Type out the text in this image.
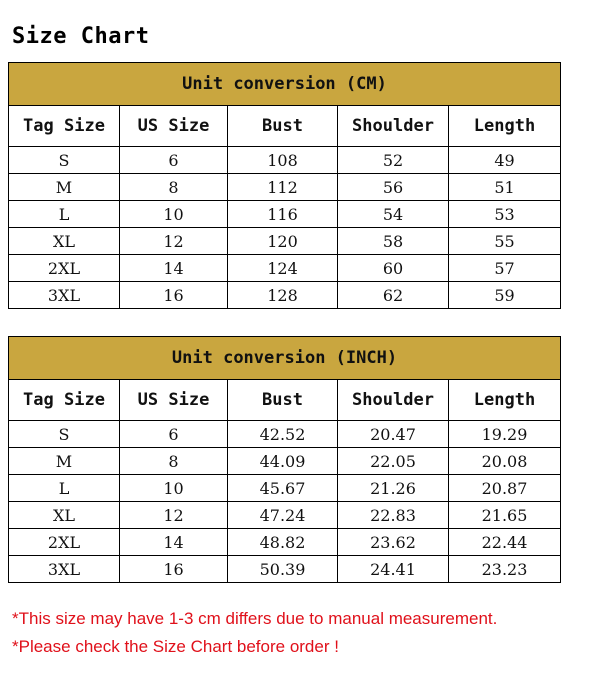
Size Chart
Unit conversion (CM)				
Tag Size	US Size	Bust	Shoulder	Length
S	6	108	52	49
M	8	112	56	51
L	10	116	54	53
XL	12	120	58	55
2XL	14	124	60	57
3XL	16	128	62	59
Unit conversion (INCH)				
Tag Size	US Size	Bust	Shoulder	Length
S	6	42.52	20.47	19.29
M	8	44.09	22.05	20.08
L	10	45.67	21.26	20.87
XL	12	47.24	22.83	21.65
2XL	14	48.82	23.62	22.44
3XL	16	50.39	24.41	23.23
*This size may have 1-3 cm differs due to manual measurement.
*Please check the Size Chart before order !
